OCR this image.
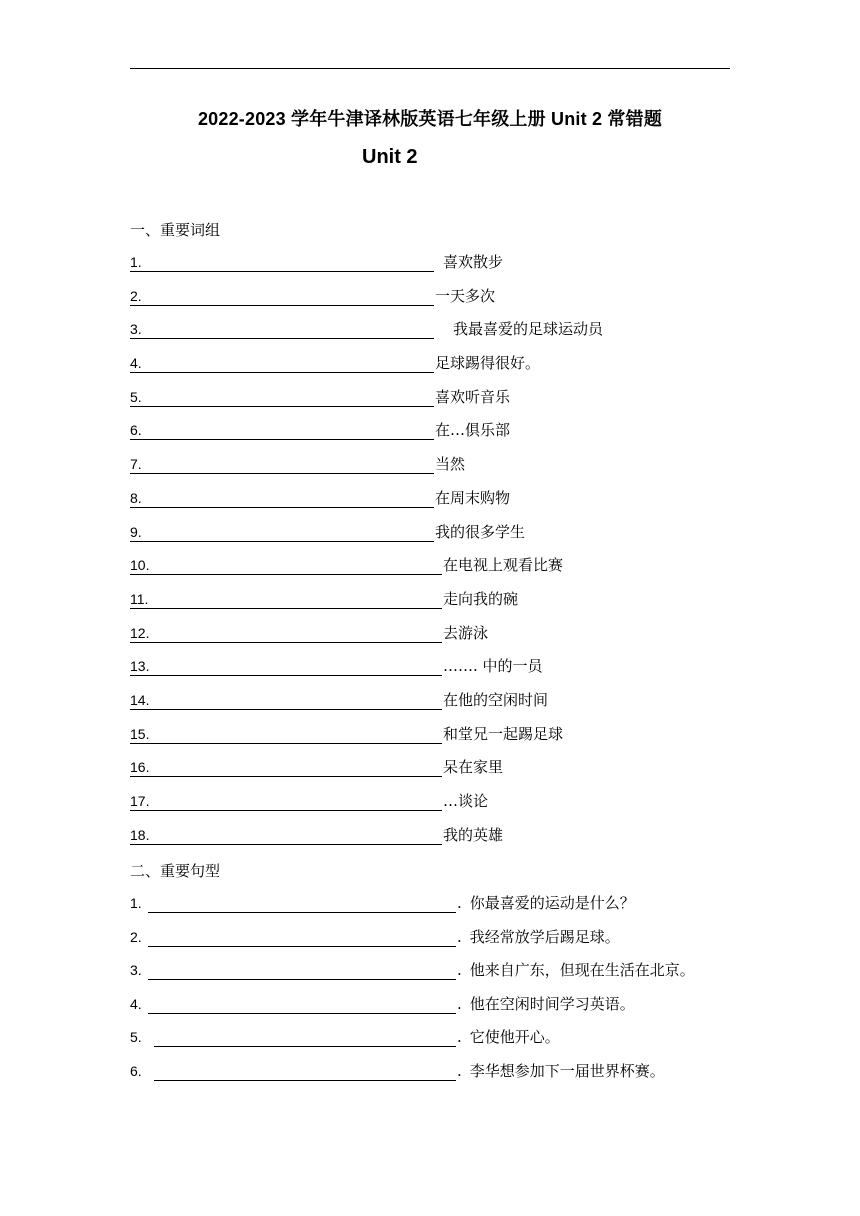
2022-2023 学年牛津译林版英语七年级上册 Unit 2 常错题
Unit 2
一、重要词组
1.	喜欢散步
2.	一天多次
3.	我最喜爱的足球运动员
4.	足球踢得很好。
5.	喜欢听音乐
6.	在…俱乐部
7.	当然
8.	在周末购物
9.	我的很多学生
10.	在电视上观看比赛
11.	走向我的碗
12.	去游泳
13.	……. 中的一员
14.	在他的空闲时间
15.	和堂兄一起踢足球
16.	呆在家里
17.	…谈论
18.	我的英雄
二、重要句型
1.	. 你最喜爱的运动是什么？
2.	. 我经常放学后踢足球。
3.	. 他来自广东，但现在生活在北京。
4.	. 他在空闲时间学习英语。
5.	. 它使他开心。
6.	. 李华想参加下一届世界杯赛。
